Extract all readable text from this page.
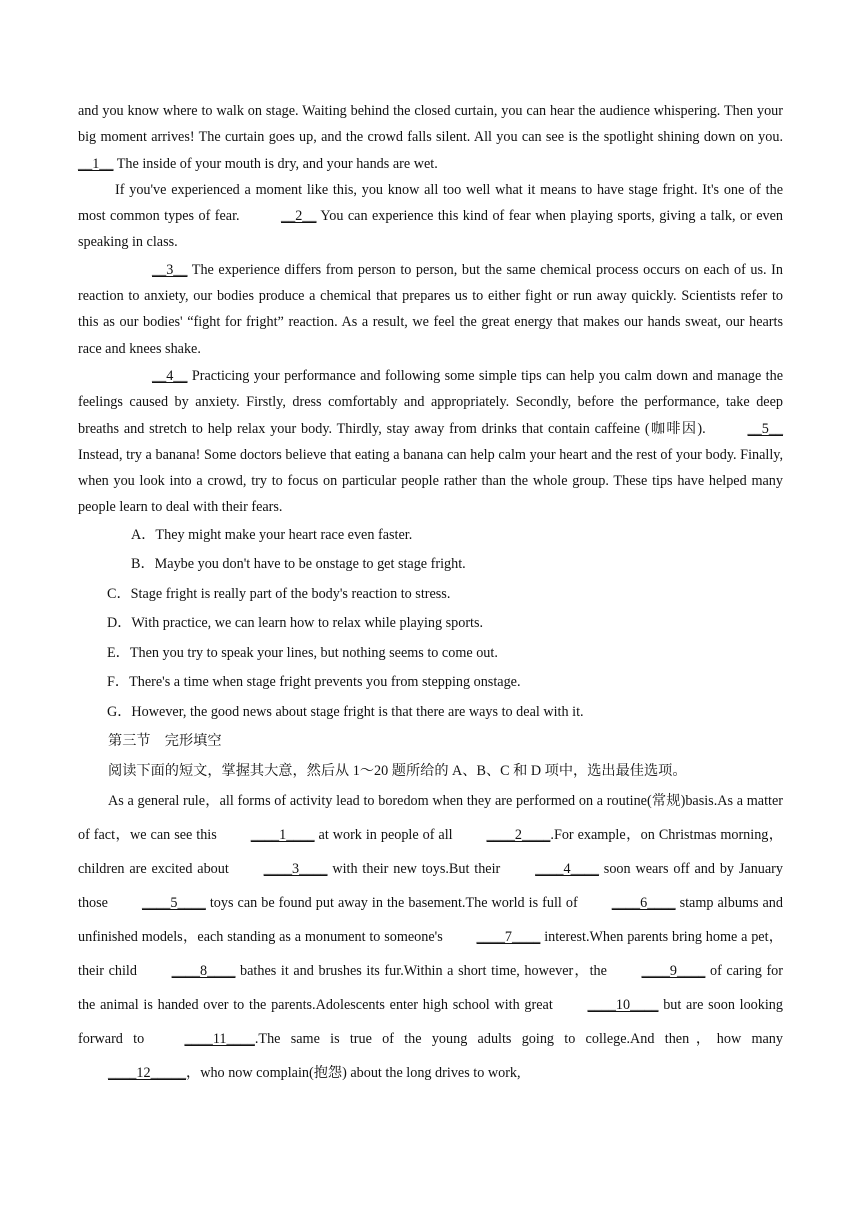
and you know where to walk on stage. Waiting behind the closed curtain, you can hear the audience whispering. Then your big moment arrives! The curtain goes up, and the crowd falls silent. All you can see is the spotlight shining down on you. __1__ The inside of your mouth is dry, and your hands are wet.

If you've experienced a moment like this, you know all too well what it means to have stage fright. It's one of the most common types of fear.	__2__ You can experience this kind of fear when playing sports, giving a talk, or even speaking in class.

__3__ The experience differs from person to person, but the same chemical process occurs on each of us. In reaction to anxiety, our bodies produce a chemical that prepares us to either fight or run away quickly. Scientists refer to this as our bodies' “fight for fright” reaction. As a result, we feel the great energy that makes our hands sweat, our hearts race and knees shake.

__4__ Practicing your performance and following some simple tips can help you calm down and manage the feelings caused by anxiety. Firstly, dress comfortably and appropriately. Secondly, before the performance, take deep breaths and stretch to help relax your body. Thirdly, stay away from drinks that contain caffeine (咖啡因).	__5__ Instead, try a banana! Some doctors believe that eating a banana can help calm your heart and the rest of your body. Finally, when you look into a crowd, try to focus on particular people rather than the whole group. These tips have helped many people learn to deal with their fears.

A．They might make your heart race even faster.

B．Maybe you don't have to be onstage to get stage fright.

C．Stage fright is really part of the body's reaction to stress.

D．With practice, we can learn how to relax while playing sports.

E．Then you try to speak your lines, but nothing seems to come out.

F．There's a time when stage fright prevents you from stepping onstage.

G．However, the good news about stage fright is that there are ways to deal with it.

第三节    完形填空

阅读下面的短文，掌握其大意，然后从 1～20 题所给的 A、B、C 和 D 项中，选出最佳选项。

As a general rule，all forms of activity lead to boredom when they are performed on a routine(常规)basis.As a matter of fact，we can see this ____1____ at work in people of all ____2____.For example，on Christmas morning，children are excited about ____3____ with their new toys.But their ____4____ soon wears off and by January those ____5____ toys can be found put away in the basement.The world is full of ____6____ stamp albums and unfinished models，each standing as a monument to someone's ____7____ interest.When parents bring home a pet，their child ____8____ bathes it and brushes its fur.Within a short time, however，the ____9____ of caring for the animal is handed over to the parents.Adolescents enter high school with great ____10____ but are soon looking forward to ____11____.The same is true of the young adults going to college.And then，how many ____12_____，who now complain(抱怨) about the long drives to work,
